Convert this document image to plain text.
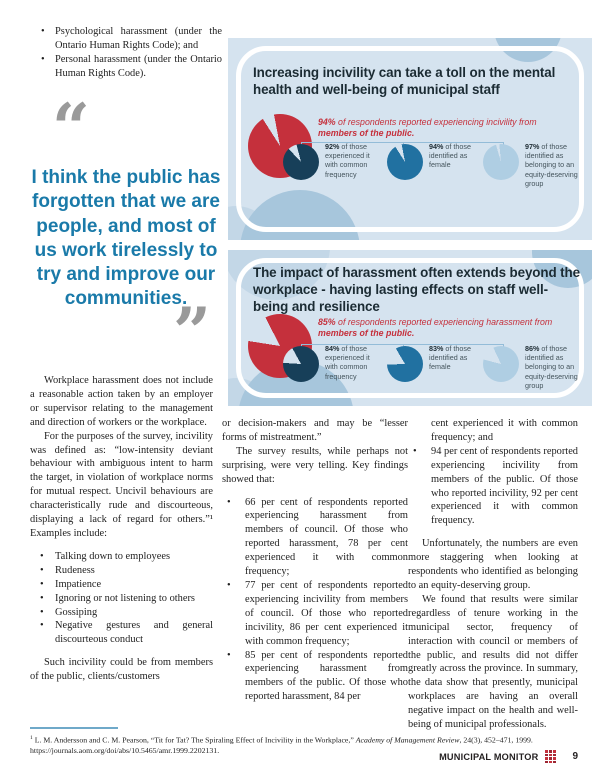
• Psychological harassment (under the Ontario Human Rights Code); and
• Personal harassment (under the Ontario Human Rights Code).
“
I think the public has forgotten that we are people, and most of us work tirelessly to try and improve our communities.
”
Increasing incivility can take a toll on the mental health and well-being of municipal staff
94% of respondents reported experiencing incivility from
members of the public.
92% of those experienced it with common frequency
94% of those identified as female
97% of those identified as belonging to an equity-deserving group
The impact of harassment often extends beyond the workplace - having lasting effects on staff well-being and resilience
85% of respondents reported experiencing harassment from
members of the public.
84% of those experienced it with common frequency
83% of those identified as female
86% of those identified as belonging to an equity-deserving group

Workplace harassment does not include a reasonable action taken by an employer or supervisor relating to the management and direction of workers or the workplace.

For the purposes of the survey, incivility was defined as: “low-intensity deviant behaviour with ambiguous intent to harm the target, in violation of workplace norms for mutual respect. Uncivil behaviours are characteristically rude and discourteous, displaying a lack of regard for others.”¹ Examples include:

• Talking down to employees
• Rudeness
• Impatience
• Ignoring or not listening to others
• Gossiping
• Negative gestures and general discourteous conduct

Such incivility could be from members of the public, clients/customers

or decision-makers and may be “lesser forms of mistreatment.”

The survey results, while perhaps not surprising, were very telling. Key findings showed that:

• 66 per cent of respondents reported experiencing harassment from members of council. Of those who reported harassment, 78 per cent experienced it with common frequency;
• 77 per cent of respondents reported experiencing incivility from members of council. Of those who reported incivility, 86 per cent experienced it with common frequency;
• 85 per cent of respondents reported experiencing harassment from members of the public. Of those who reported harassment, 84 per

cent experienced it with common frequency; and

• 94 per cent of respondents reported experiencing incivility from members of the public. Of those who reported incivility, 92 per cent experienced it with common frequency.

Unfortunately, the numbers are even more staggering when looking at respondents who identified as belonging to an equity-deserving group.

We found that results were similar regardless of tenure working in the municipal sector, frequency of interaction with council or members of the public, and results did not differ greatly across the province. In summary, the data show that presently, municipal workplaces are having an overall negative impact on the health and well-being of municipal professionals.

$^1$ L. M. Andersson and C. M. Pearson, “Tit for Tat? The Spiraling Effect of Incivility in the Workplace,” Academy of Management Review, 24(3), 452–471, 1999. https://journals.aom.org/doi/abs/10.5465/amr.1999.2202131.
MUNICIPAL MONITOR	9
